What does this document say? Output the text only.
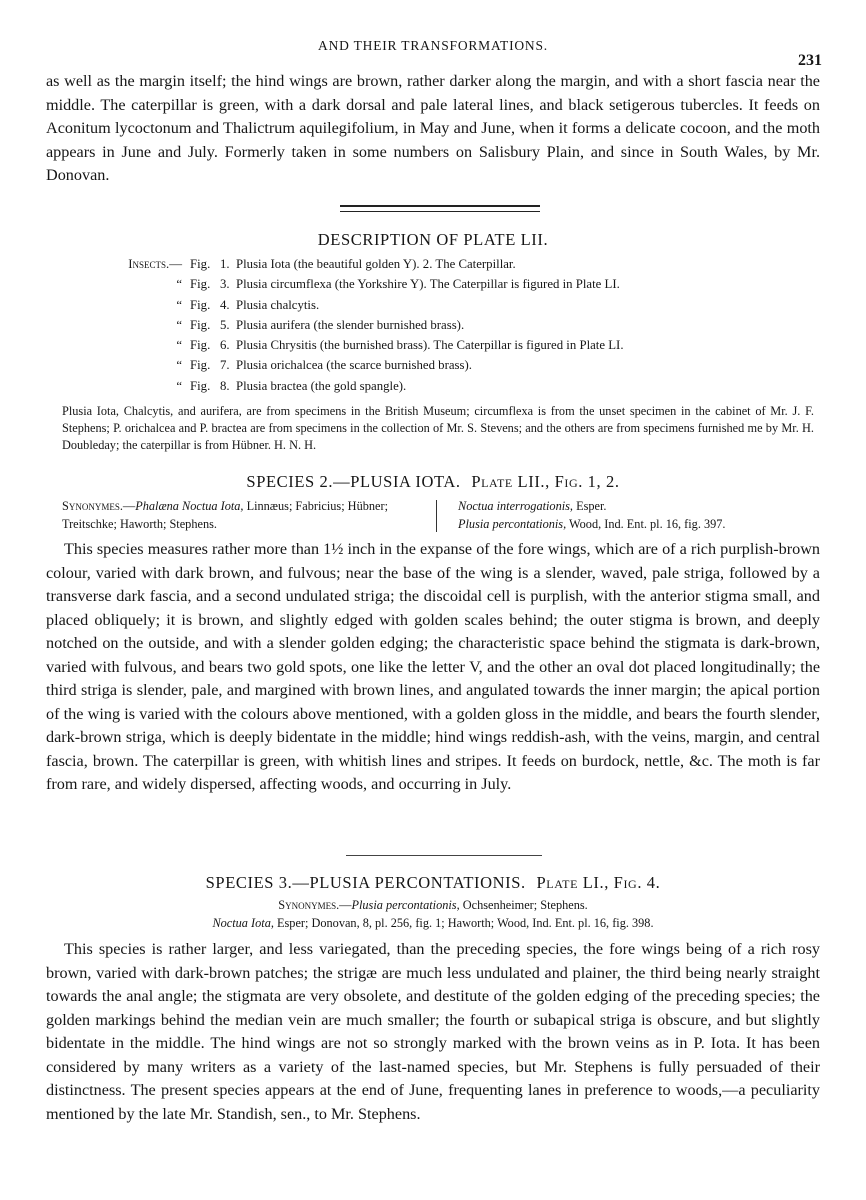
AND THEIR TRANSFORMATIONS.
231

as well as the margin itself; the hind wings are brown, rather darker along the margin, and with a short fascia near the middle. The caterpillar is green, with a dark dorsal and pale lateral lines, and black setigerous tubercles. It feeds on Aconitum lycoctonum and Thalictrum aquilegifolium, in May and June, when it forms a delicate cocoon, and the moth appears in June and July. Formerly taken in some numbers on Salisbury Plain, and since in South Wales, by Mr. Donovan.

DESCRIPTION OF PLATE LII.
Insects.— Fig. 1. Plusia Iota (the beautiful golden Y). 2. The Caterpillar.
“ Fig. 3. Plusia circumflexa (the Yorkshire Y). The Caterpillar is figured in Plate LI.
“ Fig. 4. Plusia chalcytis.
“ Fig. 5. Plusia aurifera (the slender burnished brass).
“ Fig. 6. Plusia Chrysitis (the burnished brass). The Caterpillar is figured in Plate LI.
“ Fig. 7. Plusia orichalcea (the scarce burnished brass).
“ Fig. 8. Plusia bractea (the gold spangle).

Plusia Iota, Chalcytis, and aurifera, are from specimens in the British Museum; circumflexa is from the unset specimen in the cabinet of Mr. J. F. Stephens; P. orichalcea and P. bractea are from specimens in the collection of Mr. S. Stevens; and the others are from specimens furnished me by Mr. H. Doubleday; the caterpillar is from Hübner. H. N. H.

SPECIES 2.—PLUSIA IOTA. Plate LII., Fig. 1, 2.
Synonymes.—Phalæna Noctua Iota, Linnæus; Fabricius; Hübner; Treitschke; Haworth; Stephens.
Noctua interrogationis, Esper.
Plusia percontationis, Wood, Ind. Ent. pl. 16, fig. 397.

This species measures rather more than 1½ inch in the expanse of the fore wings, which are of a rich purplish-brown colour, varied with dark brown, and fulvous; near the base of the wing is a slender, waved, pale striga, followed by a transverse dark fascia, and a second undulated striga; the discoidal cell is purplish, with the anterior stigma small, and placed obliquely; it is brown, and slightly edged with golden scales behind; the outer stigma is brown, and deeply notched on the outside, and with a slender golden edging; the characteristic space behind the stigmata is dark-brown, varied with fulvous, and bears two gold spots, one like the letter V, and the other an oval dot placed longitudinally; the third striga is slender, pale, and margined with brown lines, and angulated towards the inner margin; the apical portion of the wing is varied with the colours above mentioned, with a golden gloss in the middle, and bears the fourth slender, dark-brown striga, which is deeply bidentate in the middle; hind wings reddish-ash, with the veins, margin, and central fascia, brown. The caterpillar is green, with whitish lines and stripes. It feeds on burdock, nettle, &c. The moth is far from rare, and widely dispersed, affecting woods, and occurring in July.

SPECIES 3.—PLUSIA PERCONTATIONIS. Plate LI., Fig. 4.
Synonymes.—Plusia percontationis, Ochsenheimer; Stephens.
Noctua Iota, Esper; Donovan, 8, pl. 256, fig. 1; Haworth; Wood, Ind. Ent. pl. 16, fig. 398.

This species is rather larger, and less variegated, than the preceding species, the fore wings being of a rich rosy brown, varied with dark-brown patches; the strigæ are much less undulated and plainer, the third being nearly straight towards the anal angle; the stigmata are very obsolete, and destitute of the golden edging of the preceding species; the golden markings behind the median vein are much smaller; the fourth or subapical striga is obscure, and but slightly bidentate in the middle. The hind wings are not so strongly marked with the brown veins as in P. Iota. It has been considered by many writers as a variety of the last-named species, but Mr. Stephens is fully persuaded of their distinctness. The present species appears at the end of June, frequenting lanes in preference to woods,—a peculiarity mentioned by the late Mr. Standish, sen., to Mr. Stephens.
